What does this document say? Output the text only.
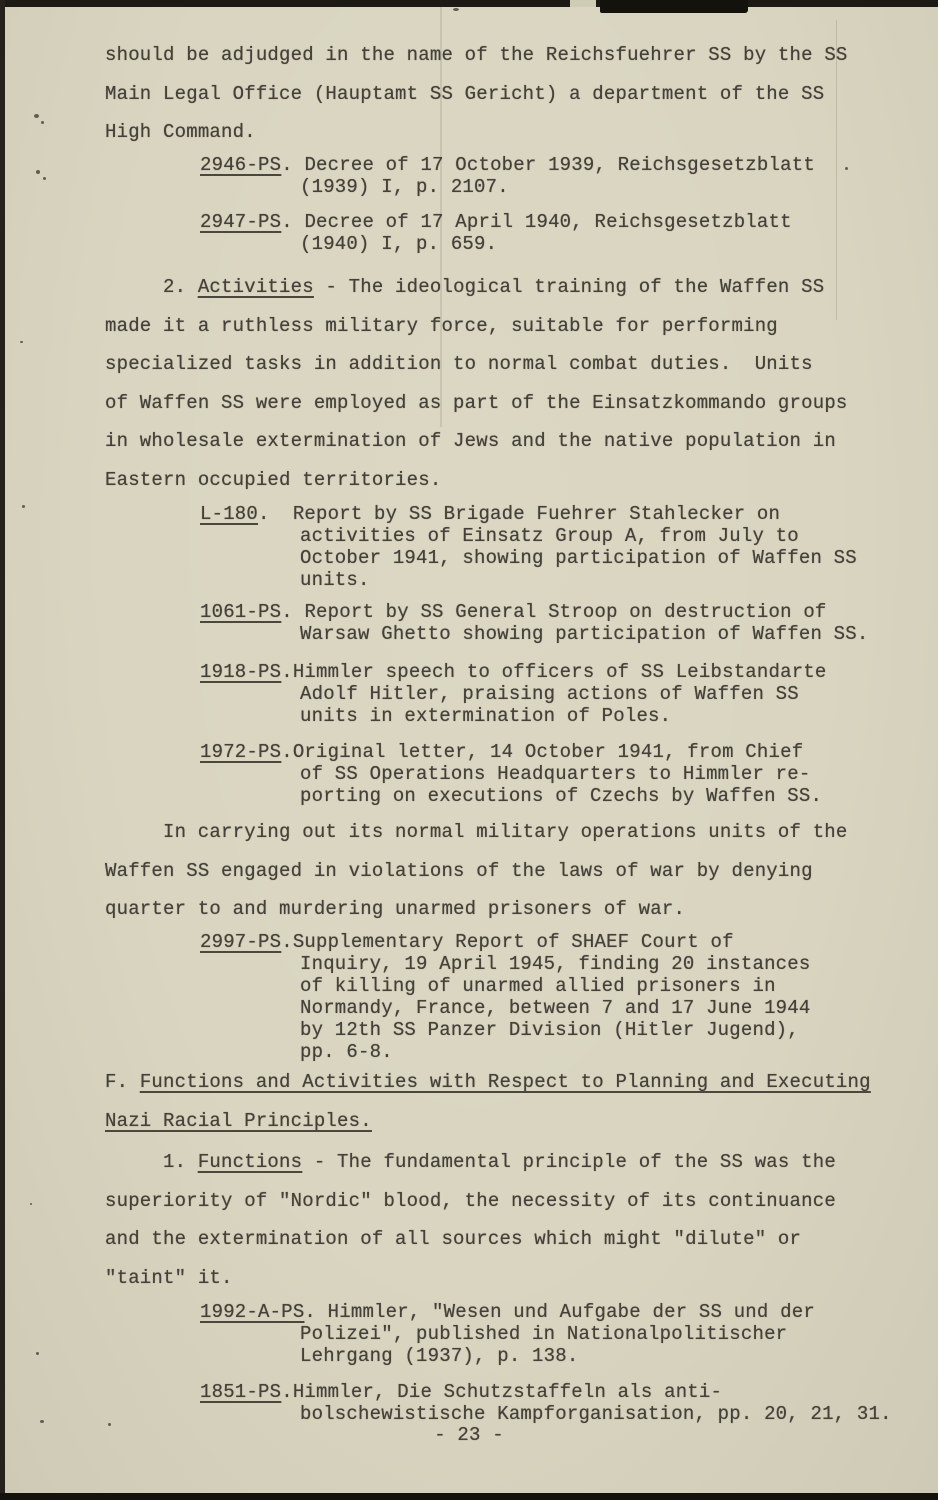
should be adjudged in the name of the Reichsfuehrer SS by the SS
Main Legal Office (Hauptamt SS Gericht) a department of the SS
High Command.
2946-PS. Decree of 17 October 1939, Reichsgesetzblatt
(1939) I, p. 2107.
2947-PS. Decree of 17 April 1940, Reichsgesetzblatt
(1940) I, p. 659.
2. Activities - The ideological training of the Waffen SS
made it a ruthless military force, suitable for performing
specialized tasks in addition to normal combat duties.  Units
of Waffen SS were employed as part of the Einsatzkommando groups
in wholesale extermination of Jews and the native population in
Eastern occupied territories.
L-180.  Report by SS Brigade Fuehrer Stahlecker on
activities of Einsatz Group A, from July to
October 1941, showing participation of Waffen SS
units.
1061-PS. Report by SS General Stroop on destruction of
Warsaw Ghetto showing participation of Waffen SS.
1918-PS.Himmler speech to officers of SS Leibstandarte
Adolf Hitler, praising actions of Waffen SS
units in extermination of Poles.
1972-PS.Original letter, 14 October 1941, from Chief
of SS Operations Headquarters to Himmler re-
porting on executions of Czechs by Waffen SS.
In carrying out its normal military operations units of the
Waffen SS engaged in violations of the laws of war by denying
quarter to and murdering unarmed prisoners of war.
2997-PS.Supplementary Report of SHAEF Court of
Inquiry, 19 April 1945, finding 20 instances
of killing of unarmed allied prisoners in
Normandy, France, between 7 and 17 June 1944
by 12th SS Panzer Division (Hitler Jugend),
pp. 6-8.
F. Functions and Activities with Respect to Planning and Executing
Nazi Racial Principles.
1. Functions - The fundamental principle of the SS was the
superiority of "Nordic" blood, the necessity of its continuance
and the extermination of all sources which might "dilute" or
"taint" it.
1992-A-PS. Himmler, "Wesen und Aufgabe der SS und der
Polizei", published in Nationalpolitischer
Lehrgang (1937), p. 138.
1851-PS.Himmler, Die Schutzstaffeln als anti-
bolschewistische Kampforganisation, pp. 20, 21, 31.
- 23 -
